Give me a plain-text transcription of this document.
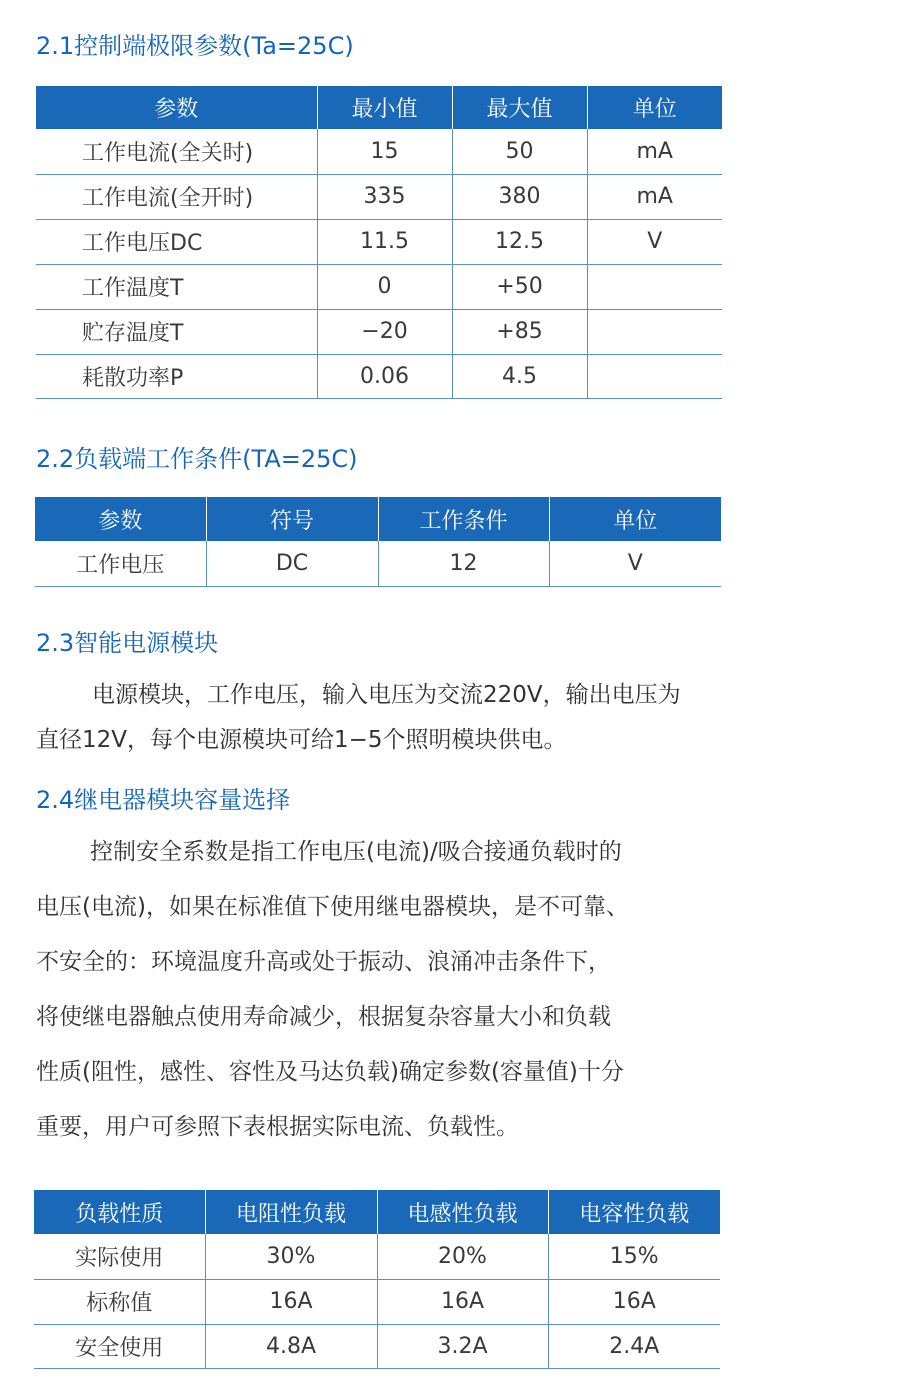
2.1控制端极限参数(Ta=25C)
参数	最小值	最大值	单位
工作电流(全关时)	15	50	mA
工作电流(全开时)	335	380	mA
工作电压DC	11.5	12.5	V
工作温度T	0	+50	
贮存温度T	−20	+85	
耗散功率P	0.06	4.5	
2.2负载端工作条件(TA=25C)
参数	符号	工作条件	单位
工作电压	DC	12	V
2.3智能电源模块

电源模块，工作电压，输入电压为交流220V，输出电压为

直径12V，每个电源模块可给1−5个照明模块供电。

2.4继电器模块容量选择

控制安全系数是指工作电压(电流)/吸合接通负载时的

电压(电流)，如果在标准值下使用继电器模块，是不可靠、

不安全的：环境温度升高或处于振动、浪涌冲击条件下，

将使继电器触点使用寿命减少，根据复杂容量大小和负载

性质(阻性，感性、容性及马达负载)确定参数(容量值)十分

重要，用户可参照下表根据实际电流、负载性。

负载性质	电阻性负载	电感性负载	电容性负载
实际使用	30%	20%	15%
标称值	16A	16A	16A
安全使用	4.8A	3.2A	2.4A
